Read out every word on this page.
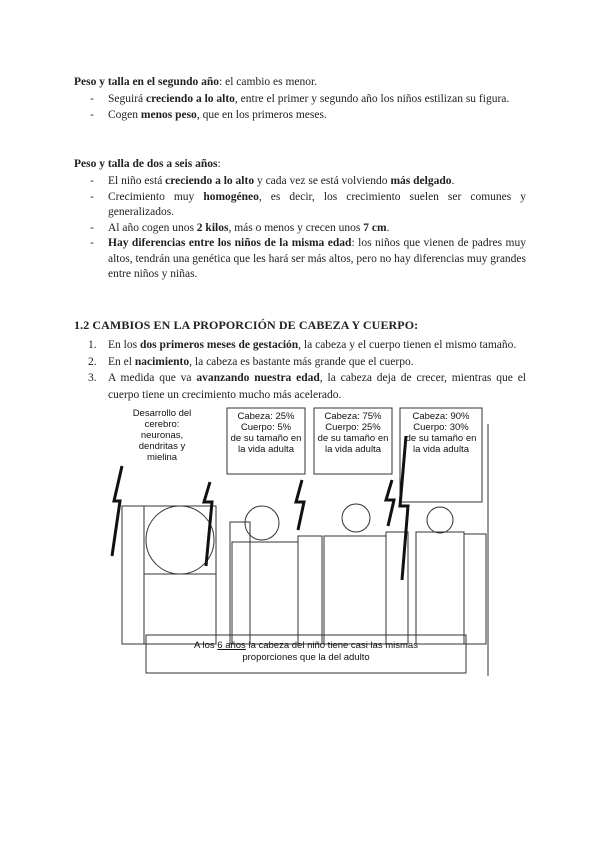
Peso y talla en el segundo año: el cambio es menor.

- Seguirá creciendo a lo alto, entre el primer y segundo año los niños estilizan su figura.
- Cogen menos peso, que en los primeros meses.

Peso y talla de dos a seis años:

- El niño está creciendo a lo alto y cada vez se está volviendo más delgado.
- Crecimiento muy homogéneo, es decir, los crecimiento suelen ser comunes y generalizados.
- Al año cogen unos 2 kilos, más o menos y crecen unos 7 cm.
- Hay diferencias entre los niños de la misma edad: los niños que vienen de padres muy altos, tendrán una genética que les hará ser más altos, pero no hay diferencias muy grandes entre niños y niñas.
1.2 CAMBIOS EN LA PROPORCIÓN DE CABEZA Y CUERPO:
1. En los dos primeros meses de gestación, la cabeza y el cuerpo tienen el mismo tamaño.
2. En el nacimiento, la cabeza es bastante más grande que el cuerpo.
3. A medida que va avanzando nuestra edad, la cabeza deja de crecer, mientras que el cuerpo tiene un crecimiento mucho más acelerado.
Desarrollo del
cerebro:
neuronas,
dendritas y
mielina
Cabeza: 25%
Cuerpo: 5%
de su tamaño en
la vida adulta
Cabeza: 75%
Cuerpo: 25%
de su tamaño en
la vida adulta
Cabeza: 90%
Cuerpo: 30%
de su tamaño en
la vida adulta
A los 6 años la cabeza del niño tiene casi las mismas
proporciones que la del adulto
